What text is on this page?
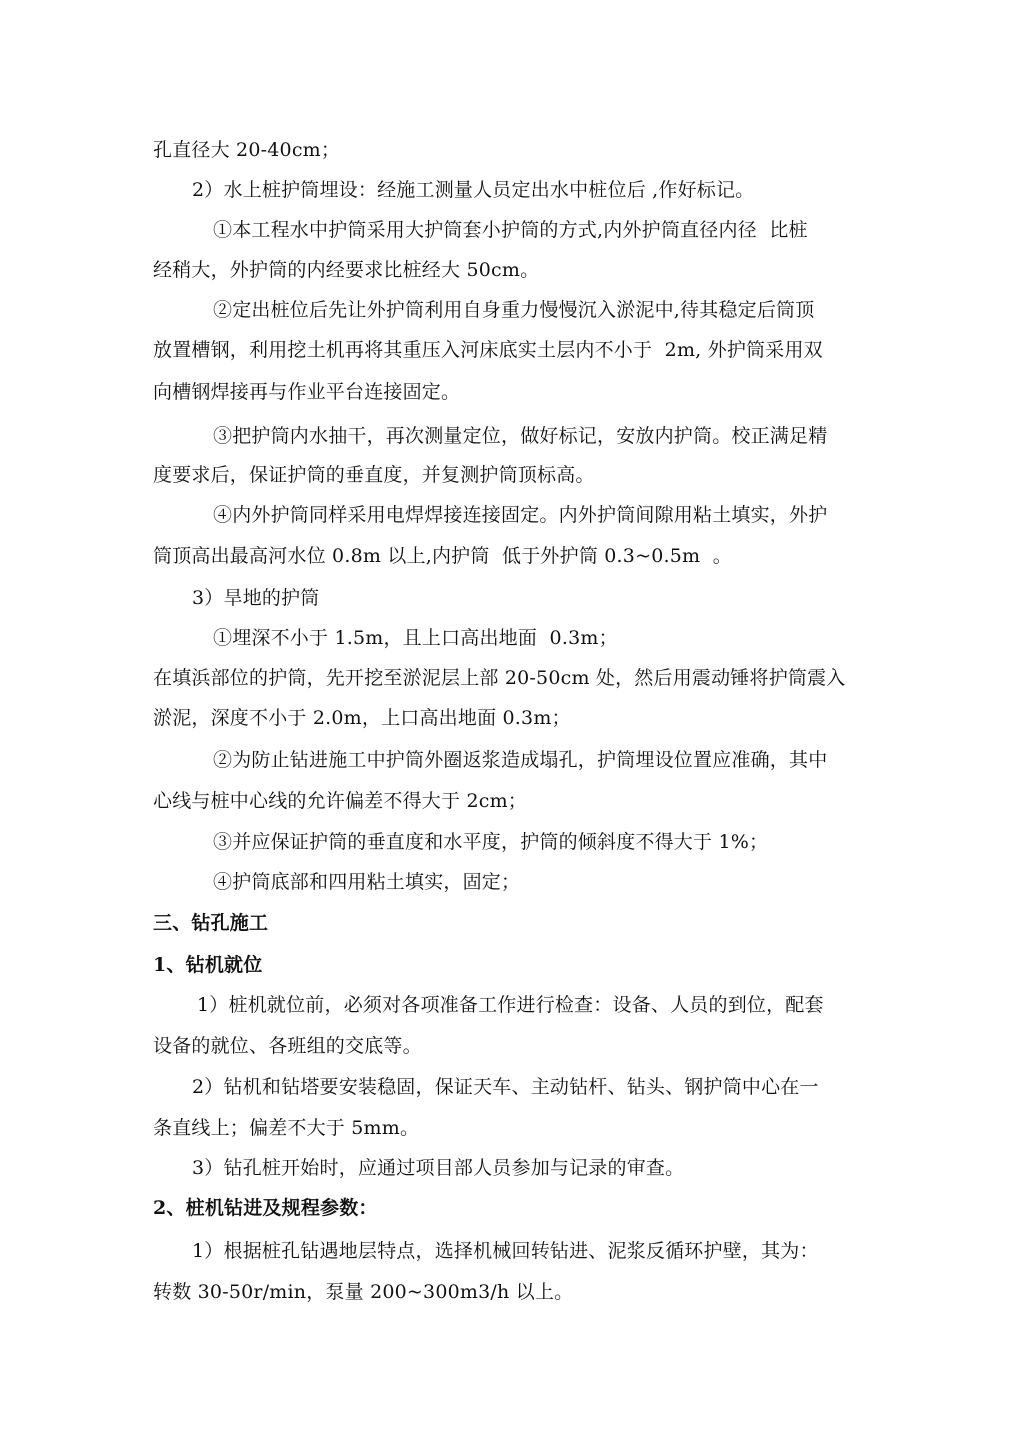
孔直径大 20-40cm；
2）水上桩护筒埋设：经施工测量人员定出水中桩位后 ,作好标记。
①本工程水中护筒采用大护筒套小护筒的方式,内外护筒直径内径  比桩
经稍大，外护筒的内经要求比桩经大 50cm。
②定出桩位后先让外护筒利用自身重力慢慢沉入淤泥中,待其稳定后筒顶
放置槽钢，利用挖土机再将其重压入河床底实土层内不小于  2m, 外护筒采用双
向槽钢焊接再与作业平台连接固定。
③把护筒内水抽干，再次测量定位，做好标记，安放内护筒。校正满足精
度要求后，保证护筒的垂直度，并复测护筒顶标高。
④内外护筒同样采用电焊焊接连接固定。内外护筒间隙用粘土填实，外护
筒顶高出最高河水位 0.8m 以上,内护筒  低于外护筒 0.3~0.5m  。
3）旱地的护筒
①埋深不小于 1.5m，且上口高出地面  0.3m；
在填浜部位的护筒，先开挖至淤泥层上部 20-50cm 处，然后用震动锤将护筒震入
淤泥，深度不小于 2.0m，上口高出地面 0.3m；
②为防止钻进施工中护筒外圈返浆造成塌孔，护筒埋设位置应准确，其中
心线与桩中心线的允许偏差不得大于 2cm；
③并应保证护筒的垂直度和水平度，护筒的倾斜度不得大于 1%；
④护筒底部和四用粘土填实，固定；
三、钻孔施工
1、钻机就位
1）桩机就位前，必须对各项准备工作进行检查：设备、人员的到位，配套
设备的就位、各班组的交底等。
2）钻机和钻塔要安装稳固，保证天车、主动钻杆、钻头、钢护筒中心在一
条直线上；偏差不大于 5mm。
3）钻孔桩开始时，应通过项目部人员参加与记录的审查。
2、桩机钻进及规程参数：
1）根据桩孔钻遇地层特点，选择机械回转钻进、泥浆反循环护壁，其为：
转数 30-50r/min，泵量 200~300m3/h 以上。
